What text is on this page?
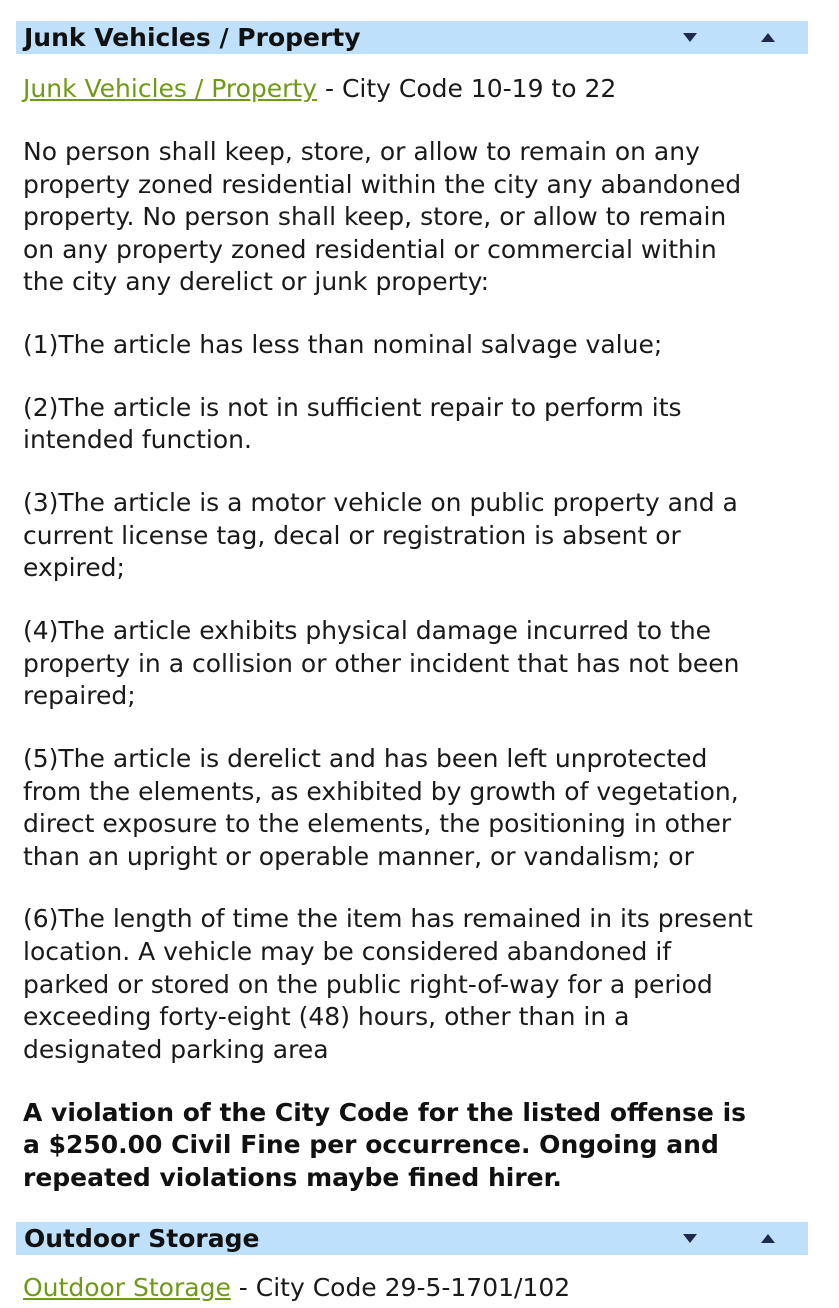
Junk Vehicles / Property
Junk Vehicles / Property - City Code 10-19 to 22
No person shall keep, store, or allow to remain on any
property zoned residential within the city any abandoned
property. No person shall keep, store, or allow to remain
on any property zoned residential or commercial within
the city any derelict or junk property:
(1)The article has less than nominal salvage value;
(2)The article is not in sufficient repair to perform its
intended function.
(3)The article is a motor vehicle on public property and a
current license tag, decal or registration is absent or
expired;
(4)The article exhibits physical damage incurred to the
property in a collision or other incident that has not been
repaired;
(5)The article is derelict and has been left unprotected
from the elements, as exhibited by growth of vegetation,
direct exposure to the elements, the positioning in other
than an upright or operable manner, or vandalism; or
(6)The length of time the item has remained in its present
location. A vehicle may be considered abandoned if
parked or stored on the public right-of-way for a period
exceeding forty-eight (48) hours, other than in a
designated parking area
A violation of the City Code for the listed offense is
a $250.00 Civil Fine per occurrence. Ongoing and
repeated violations maybe fined hirer.
Outdoor Storage
Outdoor Storage - City Code 29-5-1701/102
